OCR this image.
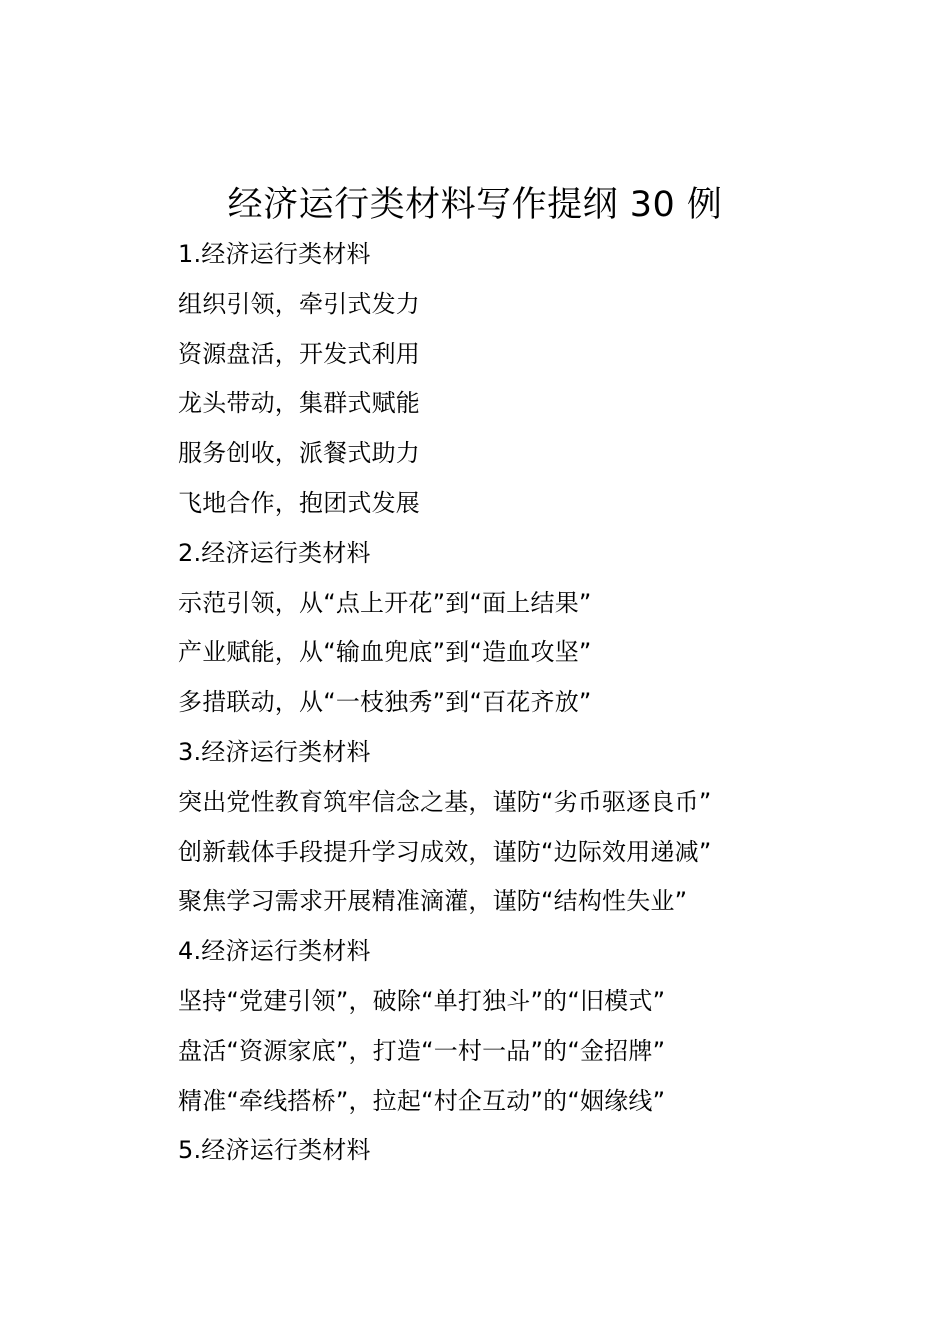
经济运行类材料写作提纲 30 例
1.经济运行类材料
组织引领，牵引式发力
资源盘活，开发式利用
龙头带动，集群式赋能
服务创收，派餐式助力
飞地合作，抱团式发展
2.经济运行类材料
示范引领，从“点上开花”到“面上结果”
产业赋能，从“输血兜底”到“造血攻坚”
多措联动，从“一枝独秀”到“百花齐放”
3.经济运行类材料
突出党性教育筑牢信念之基，谨防“劣币驱逐良币”
创新载体手段提升学习成效，谨防“边际效用递减”
聚焦学习需求开展精准滴灌，谨防“结构性失业”
4.经济运行类材料
坚持“党建引领”，破除“单打独斗”的“旧模式”
盘活“资源家底”，打造“一村一品”的“金招牌”
精准“牵线搭桥”，拉起“村企互动”的“姻缘线”
5.经济运行类材料
